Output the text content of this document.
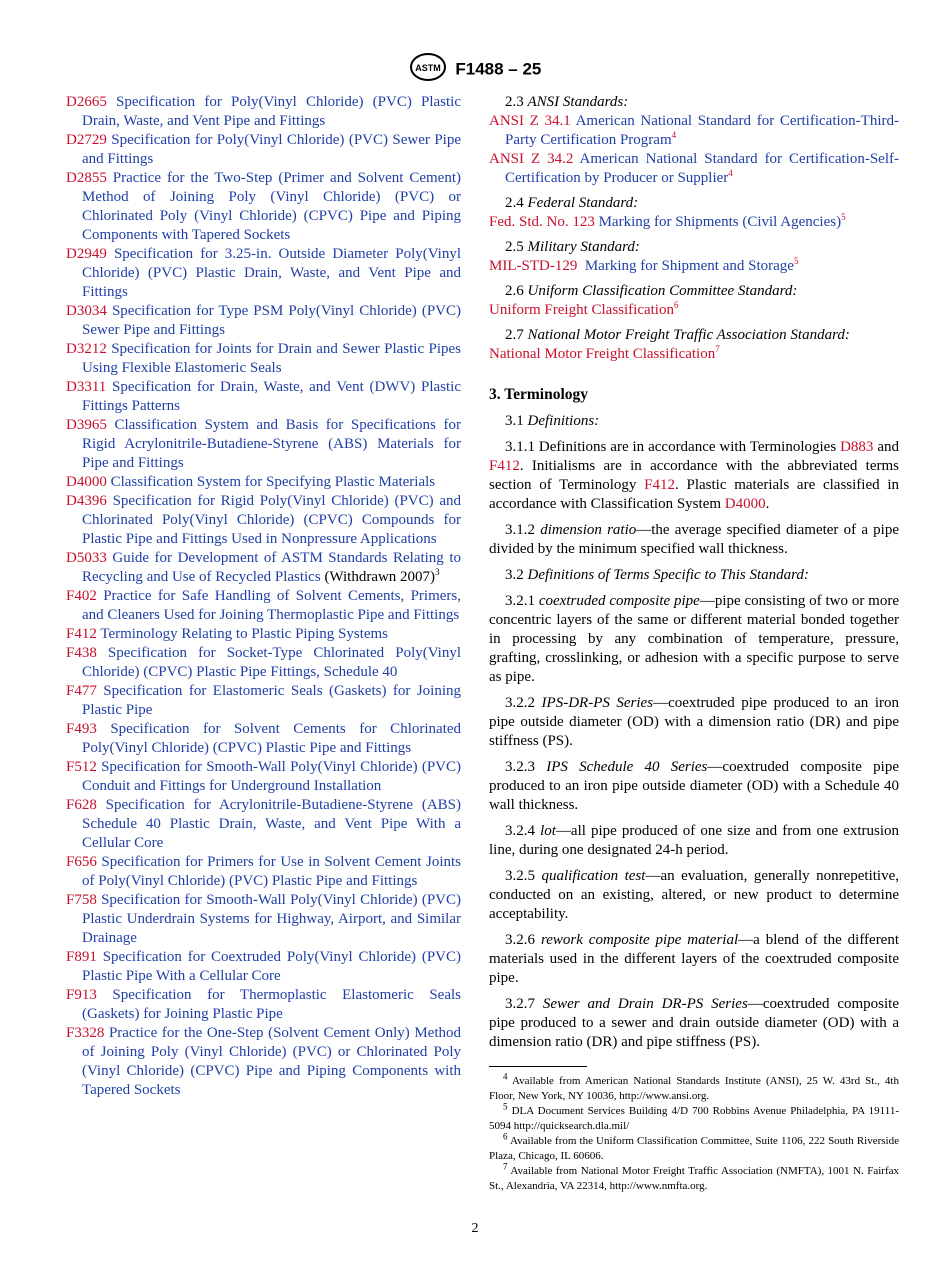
ASTM F1488 – 25
D2665 Specification for Poly(Vinyl Chloride) (PVC) Plastic Drain, Waste, and Vent Pipe and Fittings
D2729 Specification for Poly(Vinyl Chloride) (PVC) Sewer Pipe and Fittings
D2855 Practice for the Two-Step (Primer and Solvent Cement) Method of Joining Poly (Vinyl Chloride) (PVC) or Chlorinated Poly (Vinyl Chloride) (CPVC) Pipe and Piping Components with Tapered Sockets
D2949 Specification for 3.25-in. Outside Diameter Poly(Vinyl Chloride) (PVC) Plastic Drain, Waste, and Vent Pipe and Fittings
D3034 Specification for Type PSM Poly(Vinyl Chloride) (PVC) Sewer Pipe and Fittings
D3212 Specification for Joints for Drain and Sewer Plastic Pipes Using Flexible Elastomeric Seals
D3311 Specification for Drain, Waste, and Vent (DWV) Plastic Fittings Patterns
D3965 Classification System and Basis for Specifications for Rigid Acrylonitrile-Butadiene-Styrene (ABS) Materials for Pipe and Fittings
D4000 Classification System for Specifying Plastic Materials
D4396 Specification for Rigid Poly(Vinyl Chloride) (PVC) and Chlorinated Poly(Vinyl Chloride) (CPVC) Compounds for Plastic Pipe and Fittings Used in Nonpressure Applications
D5033 Guide for Development of ASTM Standards Relating to Recycling and Use of Recycled Plastics (Withdrawn 2007)$^3$
F402 Practice for Safe Handling of Solvent Cements, Primers, and Cleaners Used for Joining Thermoplastic Pipe and Fittings
F412 Terminology Relating to Plastic Piping Systems
F438 Specification for Socket-Type Chlorinated Poly(Vinyl Chloride) (CPVC) Plastic Pipe Fittings, Schedule 40
F477 Specification for Elastomeric Seals (Gaskets) for Joining Plastic Pipe
F493 Specification for Solvent Cements for Chlorinated Poly(Vinyl Chloride) (CPVC) Plastic Pipe and Fittings
F512 Specification for Smooth-Wall Poly(Vinyl Chloride) (PVC) Conduit and Fittings for Underground Installation
F628 Specification for Acrylonitrile-Butadiene-Styrene (ABS) Schedule 40 Plastic Drain, Waste, and Vent Pipe With a Cellular Core
F656 Specification for Primers for Use in Solvent Cement Joints of Poly(Vinyl Chloride) (PVC) Plastic Pipe and Fittings
F758 Specification for Smooth-Wall Poly(Vinyl Chloride) (PVC) Plastic Underdrain Systems for Highway, Airport, and Similar Drainage
F891 Specification for Coextruded Poly(Vinyl Chloride) (PVC) Plastic Pipe With a Cellular Core
F913 Specification for Thermoplastic Elastomeric Seals (Gaskets) for Joining Plastic Pipe
F3328 Practice for the One-Step (Solvent Cement Only) Method of Joining Poly (Vinyl Chloride) (PVC) or Chlorinated Poly (Vinyl Chloride) (CPVC) Pipe and Piping Components with Tapered Sockets
2.3 ANSI Standards:
ANSI Z 34.1 American National Standard for Certification-Third-Party Certification Program$^4$
ANSI Z 34.2 American National Standard for Certification-Self-Certification by Producer or Supplier$^4$
2.4 Federal Standard:
Fed. Std. No. 123 Marking for Shipments (Civil Agencies)$^5$
2.5 Military Standard:
MIL-STD-129 Marking for Shipment and Storage$^5$
2.6 Uniform Classification Committee Standard:
Uniform Freight Classification$^6$
2.7 National Motor Freight Traffic Association Standard:
National Motor Freight Classification$^7$
3. Terminology
3.1 Definitions:
3.1.1 Definitions are in accordance with Terminologies D883 and F412. Initialisms are in accordance with the abbreviated terms section of Terminology F412. Plastic materials are classified in accordance with Classification System D4000.
3.1.2 dimension ratio—the average specified diameter of a pipe divided by the minimum specified wall thickness.
3.2 Definitions of Terms Specific to This Standard:
3.2.1 coextruded composite pipe—pipe consisting of two or more concentric layers of the same or different material bonded together in processing by any combination of temperature, pressure, grafting, crosslinking, or adhesion with a specific purpose to serve as pipe.
3.2.2 IPS-DR-PS Series—coextruded pipe produced to an iron pipe outside diameter (OD) with a dimension ratio (DR) and pipe stiffness (PS).
3.2.3 IPS Schedule 40 Series—coextruded composite pipe produced to an iron pipe outside diameter (OD) with a Schedule 40 wall thickness.
3.2.4 lot—all pipe produced of one size and from one extrusion line, during one designated 24-h period.
3.2.5 qualification test—an evaluation, generally nonrepetitive, conducted on an existing, altered, or new product to determine acceptability.
3.2.6 rework composite pipe material—a blend of the different materials used in the different layers of the coextruded composite pipe.
3.2.7 Sewer and Drain DR-PS Series—coextruded composite pipe produced to a sewer and drain outside diameter (OD) with a dimension ratio (DR) and pipe stiffness (PS).
$^4$ Available from American National Standards Institute (ANSI), 25 W. 43rd St., 4th Floor, New York, NY 10036, http://www.ansi.org.
$^5$ DLA Document Services Building 4/D 700 Robbins Avenue Philadelphia, PA 19111-5094 http://quicksearch.dla.mil/
$^6$ Available from the Uniform Classification Committee, Suite 1106, 222 South Riverside Plaza, Chicago, IL 60606.
$^7$ Available from National Motor Freight Traffic Association (NMFTA), 1001 N. Fairfax St., Alexandria, VA 22314, http://www.nmfta.org.
2
